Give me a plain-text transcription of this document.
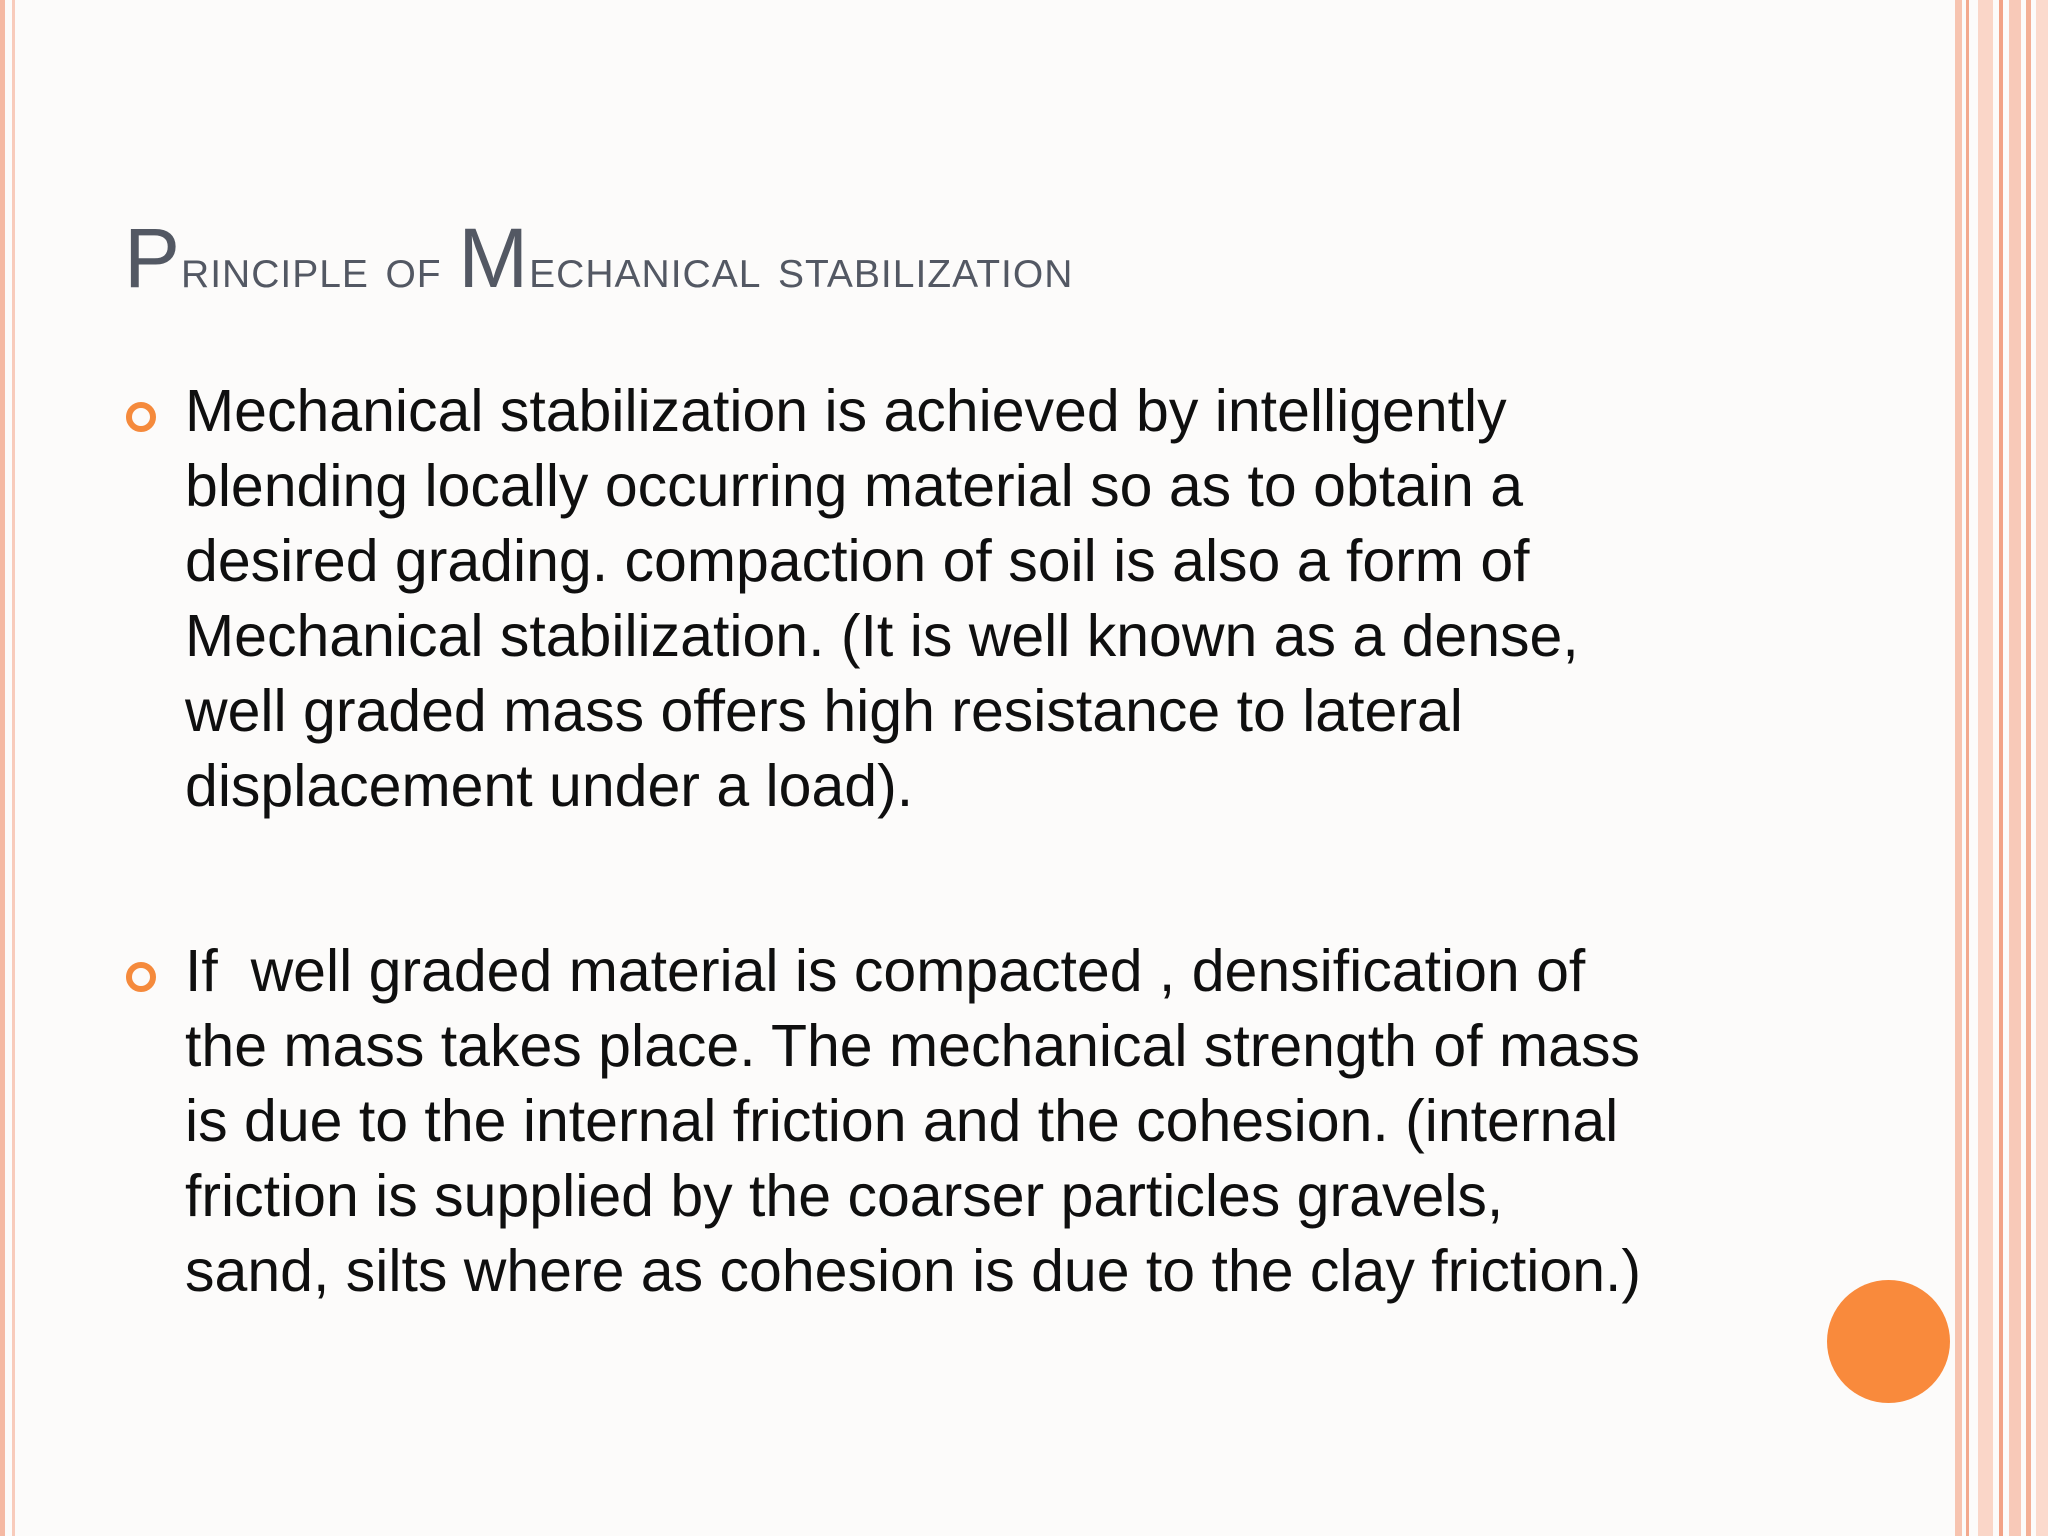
Principle of Mechanical stabilization

Mechanical stabilization is achieved by intelligently
blending locally occurring material so as to obtain a
desired grading. compaction of soil is also a form of
Mechanical stabilization. (It is well known as a dense,
well graded mass offers high resistance to lateral
displacement under a load).

If  well graded material is compacted , densification of
the mass takes place. The mechanical strength of mass
is due to the internal friction and the cohesion. (internal
friction is supplied by the coarser particles gravels,
sand, silts where as cohesion is due to the clay friction.)
